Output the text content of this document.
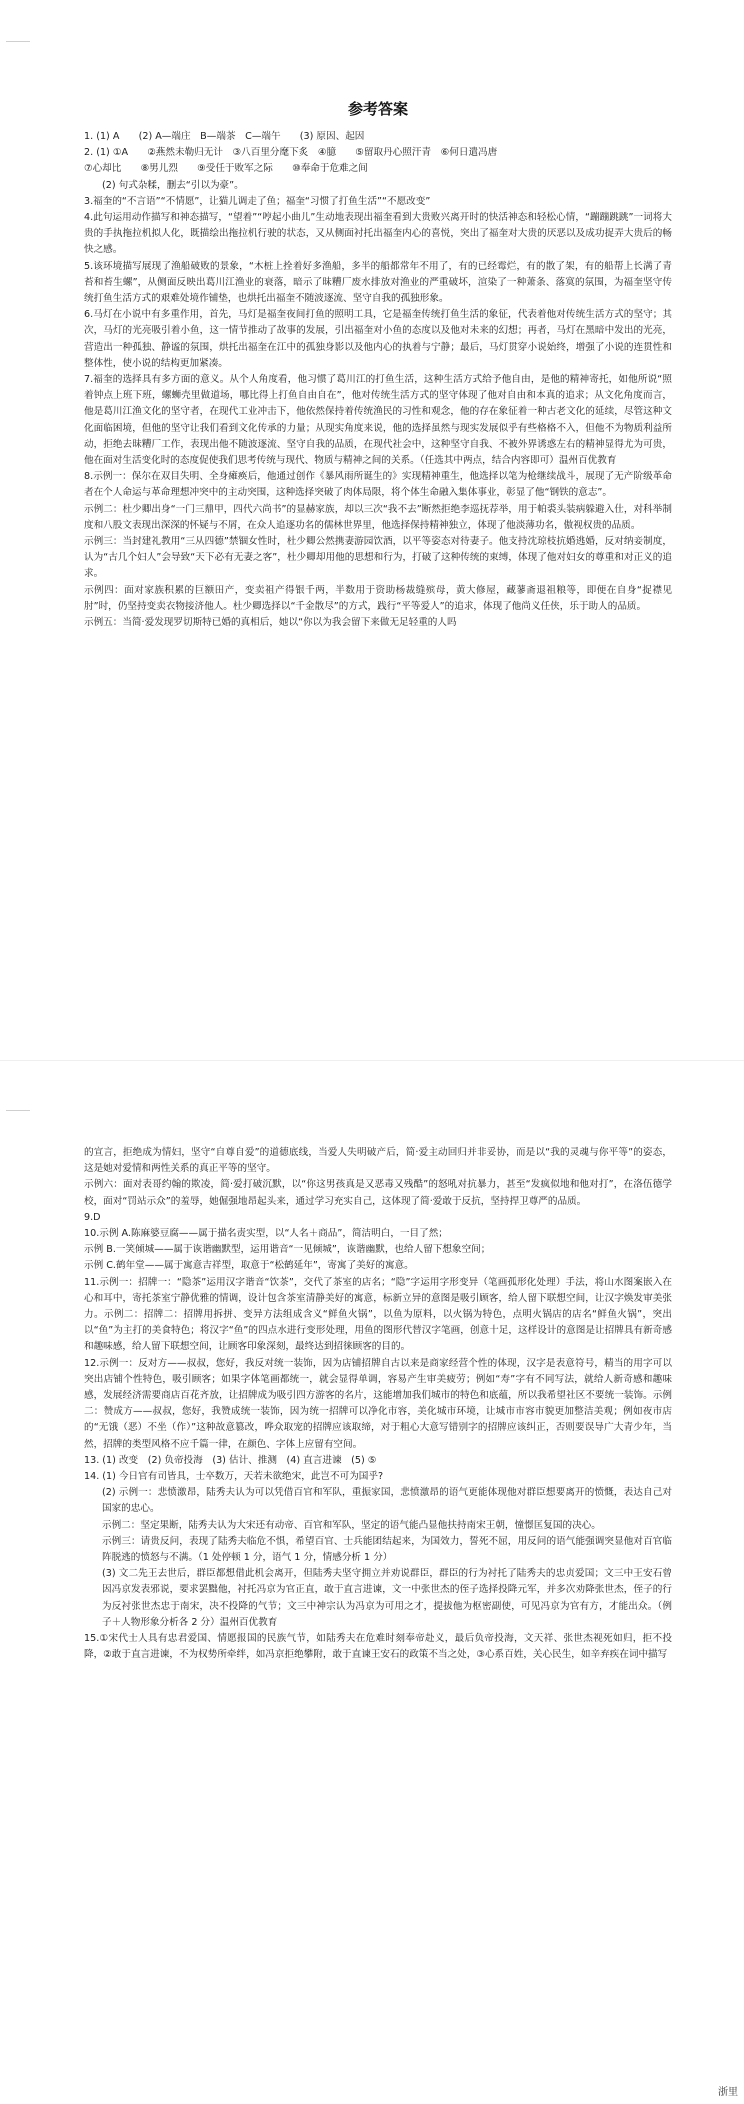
参考答案

1. (1) A　　(2) A—端庄　B—端茶　C—端午　　(3) 原因、起因

2. (1) ①A　　②燕然未勒归无计　③八百里分麾下炙　④臆　　⑤留取丹心照汗青　⑥何日遣冯唐

⑦心却比　　⑧男儿烈　　⑨受任于败军之际　　⑩奉命于危难之间

(2) 句式杂糅，删去“引以为豪”。

3.福奎的“不言语”“不情愿”，让猫儿调走了鱼；福奎“习惯了打鱼生活”“不愿改变”

4.此句运用动作描写和神态描写，“望着”“哼起小曲儿”生动地表现出福奎看到大贵败兴离开时的快活神态和轻松心情，“蹦蹦跳跳”一词将大贵的手执拖拉机拟人化，既描绘出拖拉机行驶的状态，又从侧面衬托出福奎内心的喜悦，突出了福奎对大贵的厌恶以及成功捉弄大贵后的畅快之感。

5.该环境描写展现了渔船破败的景象，“木桩上拴着好多渔船，多半的船都常年不用了，有的已经霉烂，有的散了架，有的船帮上长满了青苔和苔生螺”，从侧面反映出葛川江渔业的衰落，暗示了昧糟厂废水排放对渔业的严重破坏，渲染了一种萧条、落寞的氛围，为福奎坚守传统打鱼生活方式的艰难处境作铺垫，也烘托出福奎不随波逐流、坚守自我的孤独形象。

6.马灯在小说中有多重作用，首先，马灯是福奎夜间打鱼的照明工具，它是福奎传统打鱼生活的象征，代表着他对传统生活方式的坚守；其次，马灯的光亮吸引着小鱼，这一情节推动了故事的发展，引出福奎对小鱼的态度以及他对未来的幻想；再者，马灯在黑暗中发出的光亮，营造出一种孤独、静谧的氛围，烘托出福奎在江中的孤独身影以及他内心的执着与宁静；最后，马灯贯穿小说始终，增强了小说的连贯性和整体性，使小说的结构更加紧凑。

7.福奎的选择具有多方面的意义。从个人角度看，他习惯了葛川江的打鱼生活，这种生活方式给予他自由，是他的精神寄托，如他所说“照着钟点上班下班，螺蛳壳里做道场，哪比得上打鱼自由自在”，他对传统生活方式的坚守体现了他对自由和本真的追求；从文化角度而言，他是葛川江渔文化的坚守者，在现代工业冲击下，他依然保持着传统渔民的习性和观念，他的存在象征着一种古老文化的延续，尽管这种文化面临困境，但他的坚守让我们看到文化传承的力量；从现实角度来说，他的选择虽然与现实发展似乎有些格格不入，但他不为物质利益所动，拒绝去昧糟厂工作，表现出他不随波逐流、坚守自我的品质，在现代社会中，这种坚守自我、不被外界诱惑左右的精神显得尤为可贵，他在面对生活变化时的态度促使我们思考传统与现代、物质与精神之间的关系。（任选其中两点，结合内容即可）温州百优教育

8.示例一：保尔在双目失明、全身瘫痪后，他通过创作《暴风雨所诞生的》实现精神重生，他选择以笔为枪继续战斗，展现了无产阶级革命者在个人命运与革命理想冲突中的主动突围，这种选择突破了肉体局限，将个体生命融入集体事业，彰显了他“钢铁的意志”。

示例二：杜少卿出身“一门三鼎甲，四代六尚书”的显赫家族，却以三次“我不去”断然拒绝李巡抚荐举，用于帕裘头装病躲避入仕，对科举制度和八股文表现出深深的怀疑与不屑，在众人追逐功名的儒林世界里，他选择保持精神独立，体现了他淡薄功名，傲视权贵的品质。

示例三：当封建礼教用“三从四德”禁锢女性时，杜少卿公然携妻游园饮酒，以平等姿态对待妻子。他支持沈琼枝抗婚逃婚，反对纳妾制度，认为“古几个妇人”会导致“天下必有无妻之客”，杜少卿却用他的思想和行为，打破了这种传统的束缚，体现了他对妇女的尊重和对正义的追求。

示例四：面对家族积累的巨额田产，变卖祖产得银千两，半数用于资助杨裁缝殡母，黄大修屋，藏蓼斋退祖粮等，即便在自身“捉襟见肘”时，仍坚持变卖衣物接济他人。杜少卿选择以“千金散尽”的方式，践行“平等爱人”的追求，体现了他尚义任侠，乐于助人的品质。

示例五：当简·爱发现罗切斯特已婚的真相后，她以“你以为我会留下来做无足轻重的人吗

的宣言，拒绝成为情妇，坚守“自尊自爱”的道德底线，当爱人失明破产后，简·爱主动回归并非妥协，而是以“我的灵魂与你平等”的姿态，这是她对爱情和两性关系的真正平等的坚守。

示例六：面对表哥约翰的欺凌，简·爱打破沉默，以“你这男孩真是又恶毒又残酷”的怒吼对抗暴力，甚至“发疯似地和他对打”，在洛伍德学校，面对“罚站示众”的羞辱，她倔强地昂起头来，通过学习充实自己，这体现了简·爱敢于反抗，坚持捍卫尊严的品质。

9.D

10.示例 A.陈麻婆豆腐——属于描名责实型，以“人名＋商品”，简洁明白，一目了然；

示例 B.一笑倾城——属于诙谐幽默型，运用谐音“一见倾城”，诙谐幽默，也给人留下想象空间；

示例 C.鹤年堂——属于寓意吉祥型，取意于“松鹤延年”，寄寓了美好的寓意。

11.示例一：招牌一：“隐茶”运用汉字谐音“饮茶”，交代了茶室的店名；“隐”字运用字形变异（笔画孤形化处理）手法，将山水图案嵌入在心和耳中，寄托茶室宁静优雅的情调，设计包含茶室清静美好的寓意，标新立异的意图是吸引顾客，给人留下联想空间，让汉字焕发审美张力。示例二：招牌二：招牌用拆拼、变异方法组成含义“鲜鱼火锅”，以鱼为原料，以火锅为特色，点明火锅店的店名“鲜鱼火锅”，突出以“鱼”为主打的美食特色；将汉字“鱼”的四点水进行变形处理，用鱼的图形代替汉字笔画，创意十足，这样设计的意图是让招牌具有新奇感和趣味感，给人留下联想空间，让顾客印象深刻，最终达到招徕顾客的目的。

12.示例一：反对方——叔叔，您好，我反对统一装饰，因为店铺招牌自古以来是商家经营个性的体现，汉字是表意符号，精当的用字可以突出店铺个性特色，吸引顾客；如果字体笔画都统一，就会显得单调，容易产生审美疲劳；例如“寿”字有不同写法，就给人新奇感和趣味感，发展经济需要商店百花齐放，让招牌成为吸引四方游客的名片，这能增加我们城市的特色和底蕴，所以我希望社区不要统一装饰。示例二：赞成方——叔叔，您好，我赞成统一装饰，因为统一招牌可以净化市容，美化城市环境，让城市市容市貌更加整洁美观；例如夜市店的“无饿（恶）不坐（作）”这种故意篡改，哗众取宠的招牌应该取缔，对于粗心大意写错别字的招牌应该纠正，否则要误导广大青少年，当然，招牌的类型风格不应千篇一律，在颜色、字体上应留有空间。

13. (1) 改变　(2) 负帝投海　(3) 估计、推测　(4) 直言进谏　(5) ⑤

14. (1) 今日官有司皆具，士卒数万，天若未欲绝宋，此岂不可为国乎?

(2) 示例一：悲愤激昂，陆秀夫认为可以凭借百官和军队，重振家国，悲愤激昂的语气更能体现他对群臣想要离开的愤慨，表达自己对国家的忠心。

示例二：坚定果断，陆秀夫认为大宋还有动帝、百官和军队，坚定的语气能凸显他扶持南宋王朝，憧憬匡复国的决心。

示例三：请贵反问，表现了陆秀夫临危不惧，希望百官、士兵能团结起来，为国效力，誓死不屈，用反问的语气能强调突显他对百官临阵脱逃的愤怒与不满。（1 处停顿 1 分，语气 1 分，情感分析 1 分）

(3) 文二先王去世后，群臣都想借此机会离开，但陆秀夫坚守拥立并劝说群臣，群臣的行为衬托了陆秀夫的忠贞爱国；文三中王安石曾因冯京发表邪说，要求罢黜他，衬托冯京为官正直，敢于直言进谏，文一中张世杰的侄子选择投降元军，并多次劝降张世杰，侄子的行为反衬张世杰忠于南宋，决不投降的气节；文三中神宗认为冯京为可用之才，提拔他为枢密副使，可见冯京为官有方，才能出众。（例子＋人物形象分析各 2 分）温州百优教育

15.①宋代士人具有忠君爱国、情愿报国的民族气节，如陆秀夫在危难时刻奉帝赴义，最后负帝投海，文天祥、张世杰视死如归，拒不投降，②敢于直言进谏，不为权势所牵绊，如冯京拒绝攀附，敢于直谏王安石的政策不当之处，③心系百姓，关心民生，如辛弃疾在词中描写

浙里
